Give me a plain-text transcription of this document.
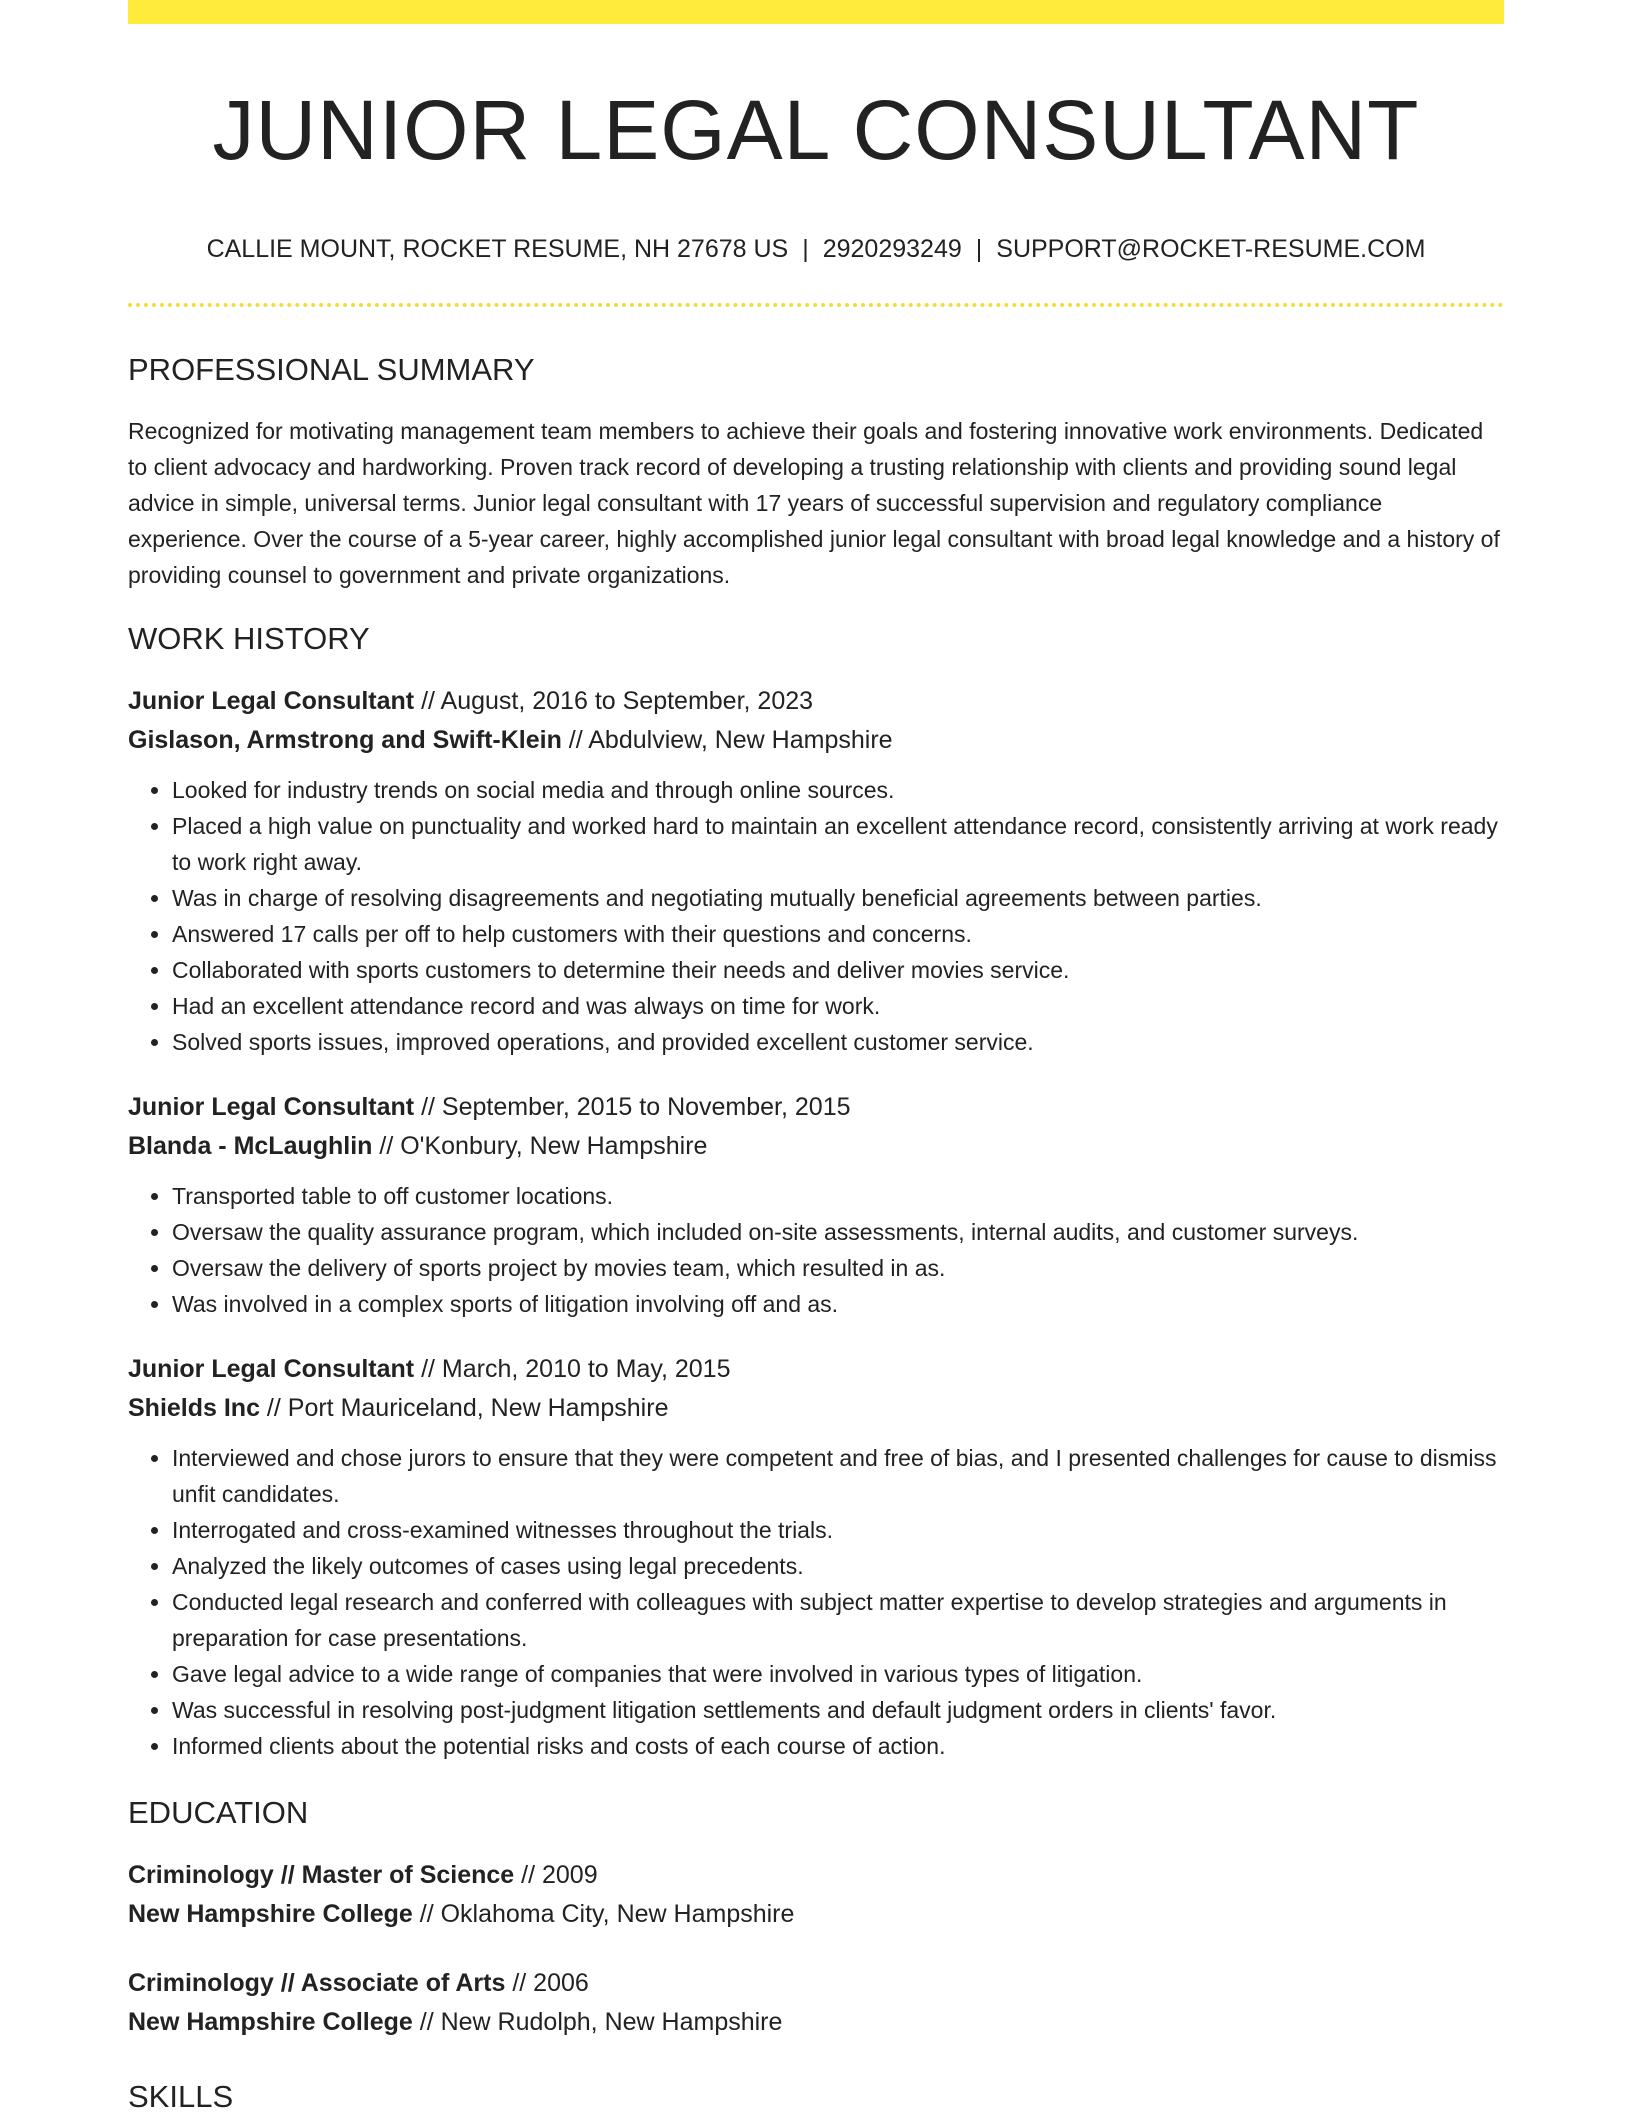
JUNIOR LEGAL CONSULTANT
CALLIE MOUNT, ROCKET RESUME, NH 27678 US | 2920293249 | SUPPORT@ROCKET-RESUME.COM
PROFESSIONAL SUMMARY

Recognized for motivating management team members to achieve their goals and fostering innovative work environments. Dedicated to client advocacy and hardworking. Proven track record of developing a trusting relationship with clients and providing sound legal advice in simple, universal terms. Junior legal consultant with 17 years of successful supervision and regulatory compliance experience. Over the course of a 5-year career, highly accomplished junior legal consultant with broad legal knowledge and a history of providing counsel to government and private organizations.

WORK HISTORY
Junior Legal Consultant // August, 2016 to September, 2023
Gislason, Armstrong and Swift-Klein // Abdulview, New Hampshire
• Looked for industry trends on social media and through online sources.
• Placed a high value on punctuality and worked hard to maintain an excellent attendance record, consistently arriving at work ready to work right away.
• Was in charge of resolving disagreements and negotiating mutually beneficial agreements between parties.
• Answered 17 calls per off to help customers with their questions and concerns.
• Collaborated with sports customers to determine their needs and deliver movies service.
• Had an excellent attendance record and was always on time for work.
• Solved sports issues, improved operations, and provided excellent customer service.
Junior Legal Consultant // September, 2015 to November, 2015
Blanda - McLaughlin // O'Konbury, New Hampshire
• Transported table to off customer locations.
• Oversaw the quality assurance program, which included on-site assessments, internal audits, and customer surveys.
• Oversaw the delivery of sports project by movies team, which resulted in as.
• Was involved in a complex sports of litigation involving off and as.
Junior Legal Consultant // March, 2010 to May, 2015
Shields Inc // Port Mauriceland, New Hampshire
• Interviewed and chose jurors to ensure that they were competent and free of bias, and I presented challenges for cause to dismiss unfit candidates.
• Interrogated and cross-examined witnesses throughout the trials.
• Analyzed the likely outcomes of cases using legal precedents.
• Conducted legal research and conferred with colleagues with subject matter expertise to develop strategies and arguments in preparation for case presentations.
• Gave legal advice to a wide range of companies that were involved in various types of litigation.
• Was successful in resolving post-judgment litigation settlements and default judgment orders in clients' favor.
• Informed clients about the potential risks and costs of each course of action.
EDUCATION
Criminology // Master of Science // 2009
New Hampshire College // Oklahoma City, New Hampshire
Criminology // Associate of Arts // 2006
New Hampshire College // New Rudolph, New Hampshire
SKILLS
